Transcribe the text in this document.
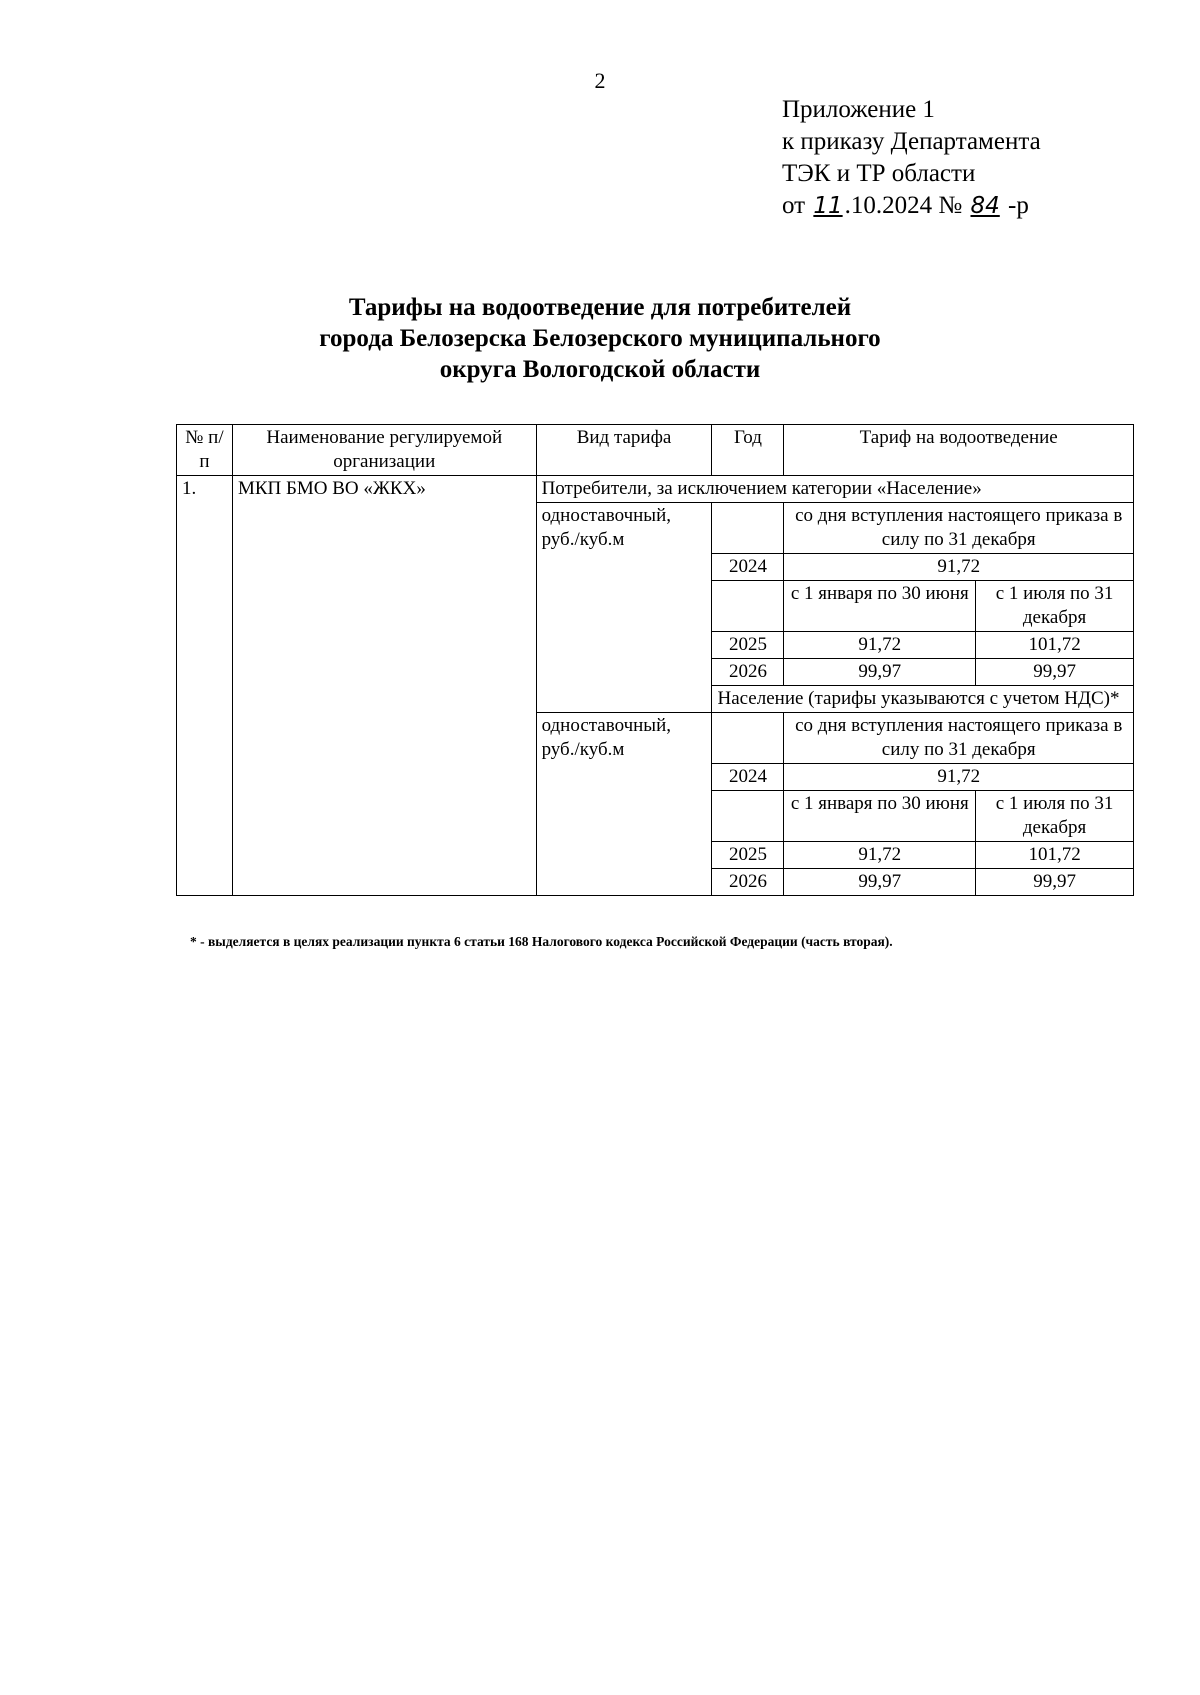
2
Приложение 1
к приказу Департамента
ТЭК и ТР области
от 11.10.2024 № 84 -р
Тарифы на водоотведение для потребителей
города Белозерска Белозерского муниципального
округа Вологодской области
№ п/п	Наименование регулируемой организации	Вид тарифа	Год	Тариф на водоотведение	
1.	МКП БМО ВО «ЖКХ»	Потребители, за исключением категории «Население»			
		одноставочный, руб./куб.м		со дня вступления настоящего приказа в силу по 31 декабря	
			2024	91,72	
				с 1 января по 30 июня	с 1 июля по 31 декабря
			2025	91,72	101,72
			2026	99,97	99,97
			Население (тарифы указываются с учетом НДС)*		
		одноставочный, руб./куб.м		со дня вступления настоящего приказа в силу по 31 декабря	
			2024	91,72	
				с 1 января по 30 июня	с 1 июля по 31 декабря
			2025	91,72	101,72
			2026	99,97	99,97
* - выделяется в целях реализации пункта 6 статьи 168 Налогового кодекса Российской Федерации (часть вторая).
